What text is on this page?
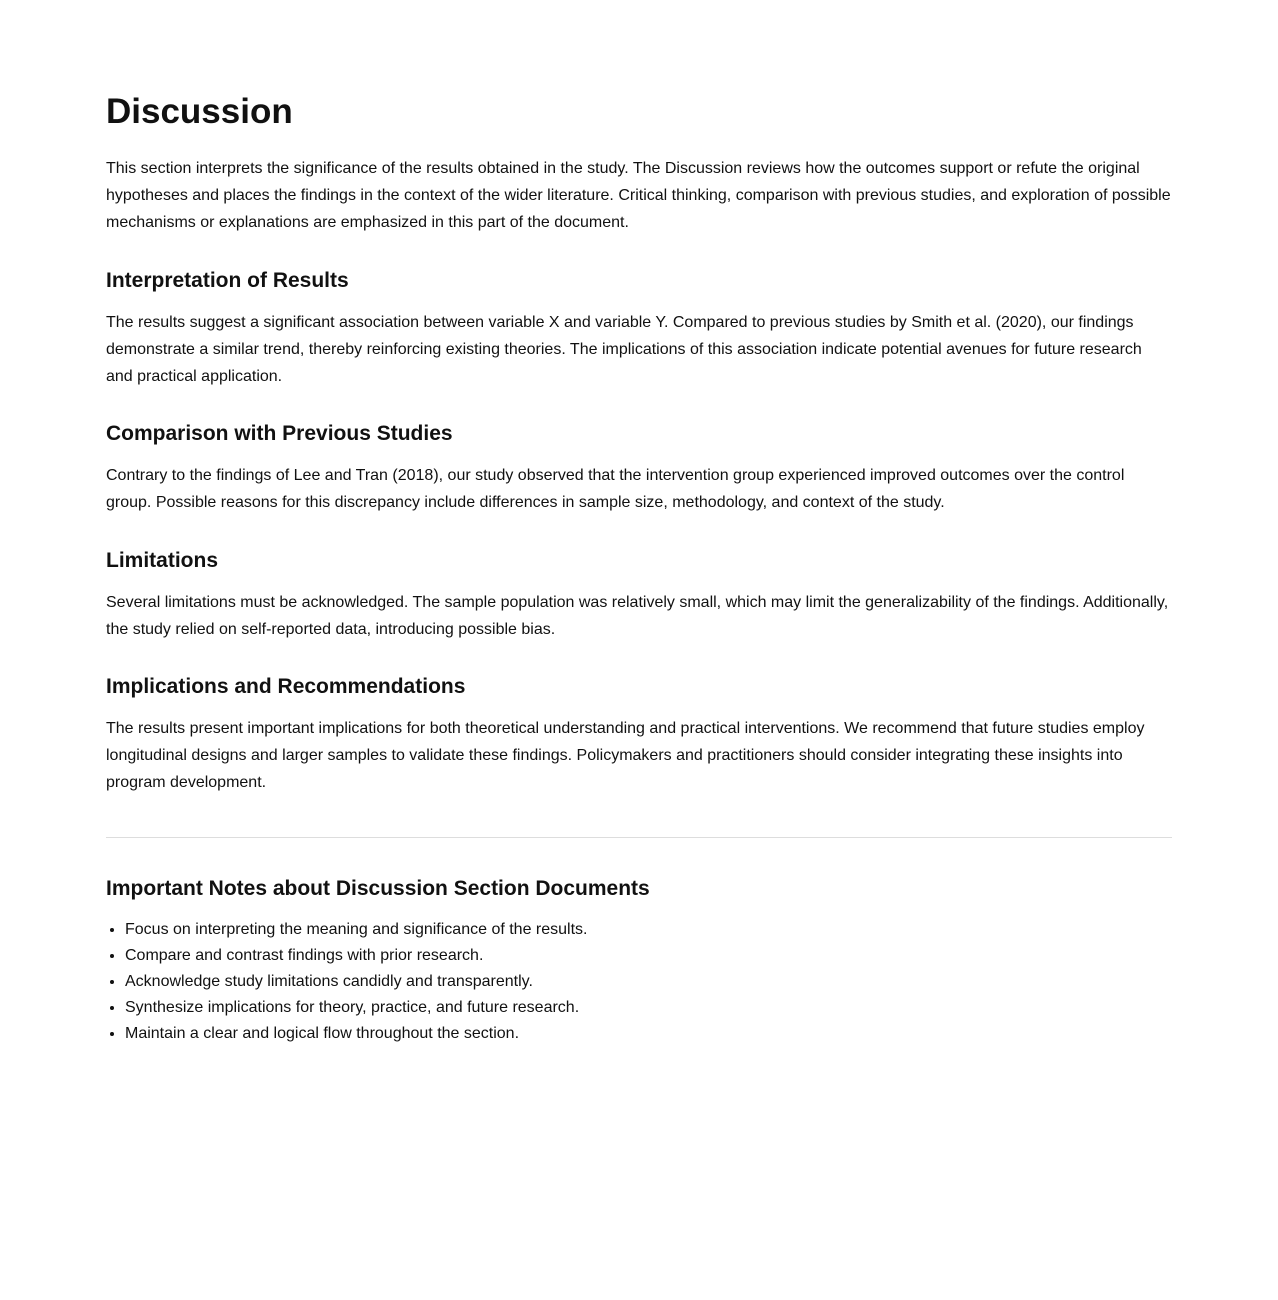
Discussion

This section interprets the significance of the results obtained in the study. The Discussion reviews how the outcomes support or refute the original hypotheses and places the findings in the context of the wider literature. Critical thinking, comparison with previous studies, and exploration of possible mechanisms or explanations are emphasized in this part of the document.

Interpretation of Results

The results suggest a significant association between variable X and variable Y. Compared to previous studies by Smith et al. (2020), our findings demonstrate a similar trend, thereby reinforcing existing theories. The implications of this association indicate potential avenues for future research and practical application.

Comparison with Previous Studies

Contrary to the findings of Lee and Tran (2018), our study observed that the intervention group experienced improved outcomes over the control group. Possible reasons for this discrepancy include differences in sample size, methodology, and context of the study.

Limitations

Several limitations must be acknowledged. The sample population was relatively small, which may limit the generalizability of the findings. Additionally, the study relied on self-reported data, introducing possible bias.

Implications and Recommendations

The results present important implications for both theoretical understanding and practical interventions. We recommend that future studies employ longitudinal designs and larger samples to validate these findings. Policymakers and practitioners should consider integrating these insights into program development.

Important Notes about Discussion Section Documents
• Focus on interpreting the meaning and significance of the results.
• Compare and contrast findings with prior research.
• Acknowledge study limitations candidly and transparently.
• Synthesize implications for theory, practice, and future research.
• Maintain a clear and logical flow throughout the section.
